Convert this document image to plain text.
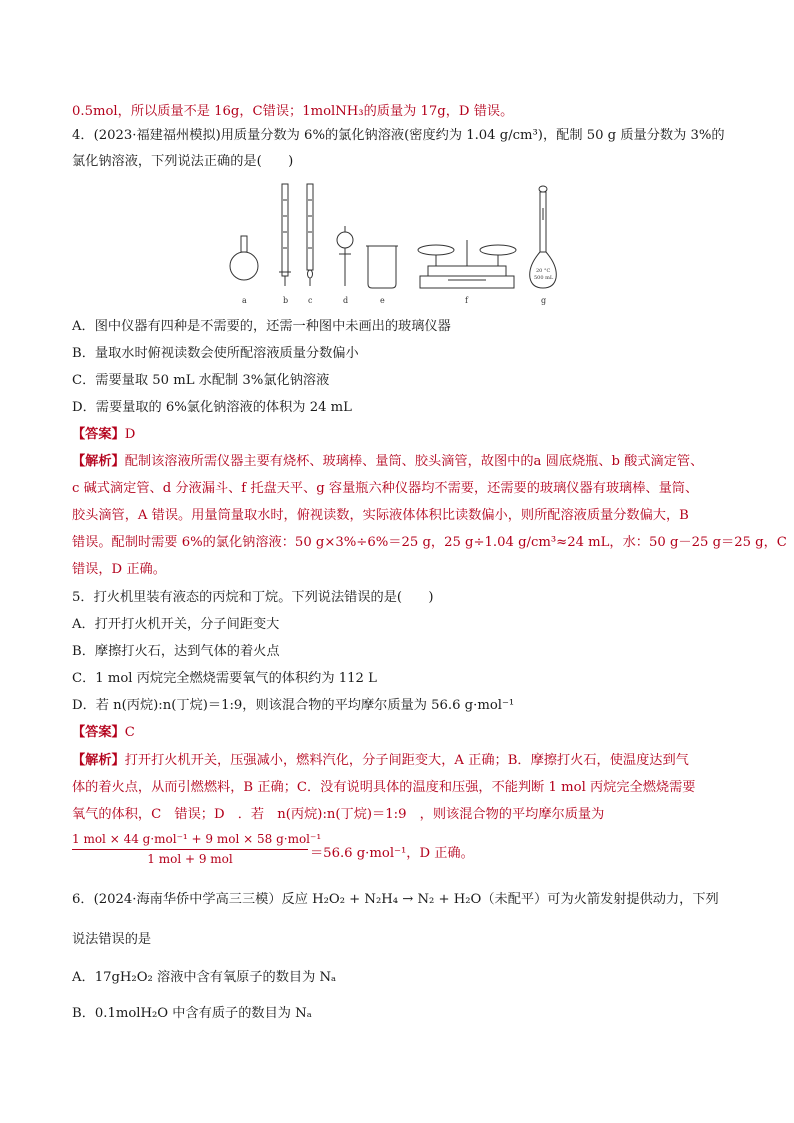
0.5mol，所以质量不是 16g，C错误；1molNH₃的质量为 17g，D 错误。
4．(2023·福建福州模拟)用质量分数为 6%的氯化钠溶液(密度约为 1.04 g/cm³)，配制 50 g 质量分数为 3%的
氯化钠溶液，下列说法正确的是(　　)
20 °C
500 mL
a	b c	d	e	f	g
A．图中仪器有四种是不需要的，还需一种图中未画出的玻璃仪器
B．量取水时俯视读数会使所配溶液质量分数偏小
C．需要量取 50 mL 水配制 3%氯化钠溶液
D．需要量取的 6%氯化钠溶液的体积为 24 mL
【答案】D
【解析】配制该溶液所需仪器主要有烧杯、玻璃棒、量筒、胶头滴管，故图中的a 圆底烧瓶、b 酸式滴定管、
c 碱式滴定管、d 分液漏斗、f 托盘天平、g 容量瓶六种仪器均不需要，还需要的玻璃仪器有玻璃棒、量筒、
胶头滴管，A 错误。用量筒量取水时，俯视读数，实际液体体积比读数偏小，则所配溶液质量分数偏大，B
错误。配制时需要 6%的氯化钠溶液：50 g×3%÷6%＝25 g，25 g÷1.04 g/cm³≈24 mL，水：50 g－25 g＝25 g，C
错误，D 正确。
5．打火机里装有液态的丙烷和丁烷。下列说法错误的是(　　)
A．打开打火机开关，分子间距变大
B．摩擦打火石，达到气体的着火点
C．1 mol 丙烷完全燃烧需要氧气的体积约为 112 L
D．若 n(丙烷):n(丁烷)＝1:9，则该混合物的平均摩尔质量为 56.6 g·mol⁻¹
【答案】C
【解析】打开打火机开关，压强减小，燃料汽化，分子间距变大，A 正确；B．摩擦打火石，使温度达到气
体的着火点，从而引燃燃料，B 正确；C．没有说明具体的温度和压强，不能判断 1 mol 丙烷完全燃烧需要
氧气的体积，C　错误；D　．若　n(丙烷):n(丁烷)＝1:9　，则该混合物的平均摩尔质量为
1 mol × 44 g·mol⁻¹ + 9 mol × 58 g·mol⁻¹
1 mol + 9 mol	＝56.6 g·mol⁻¹，D 正确。
6．(2024·海南华侨中学高三三模）反应 H₂O₂ + N₂H₄ → N₂ + H₂O（未配平）可为火箭发射提供动力，下列
说法错误的是
A．17gH₂O₂ 溶液中含有氧原子的数目为 Nₐ
B．0.1molH₂O 中含有质子的数目为 Nₐ
